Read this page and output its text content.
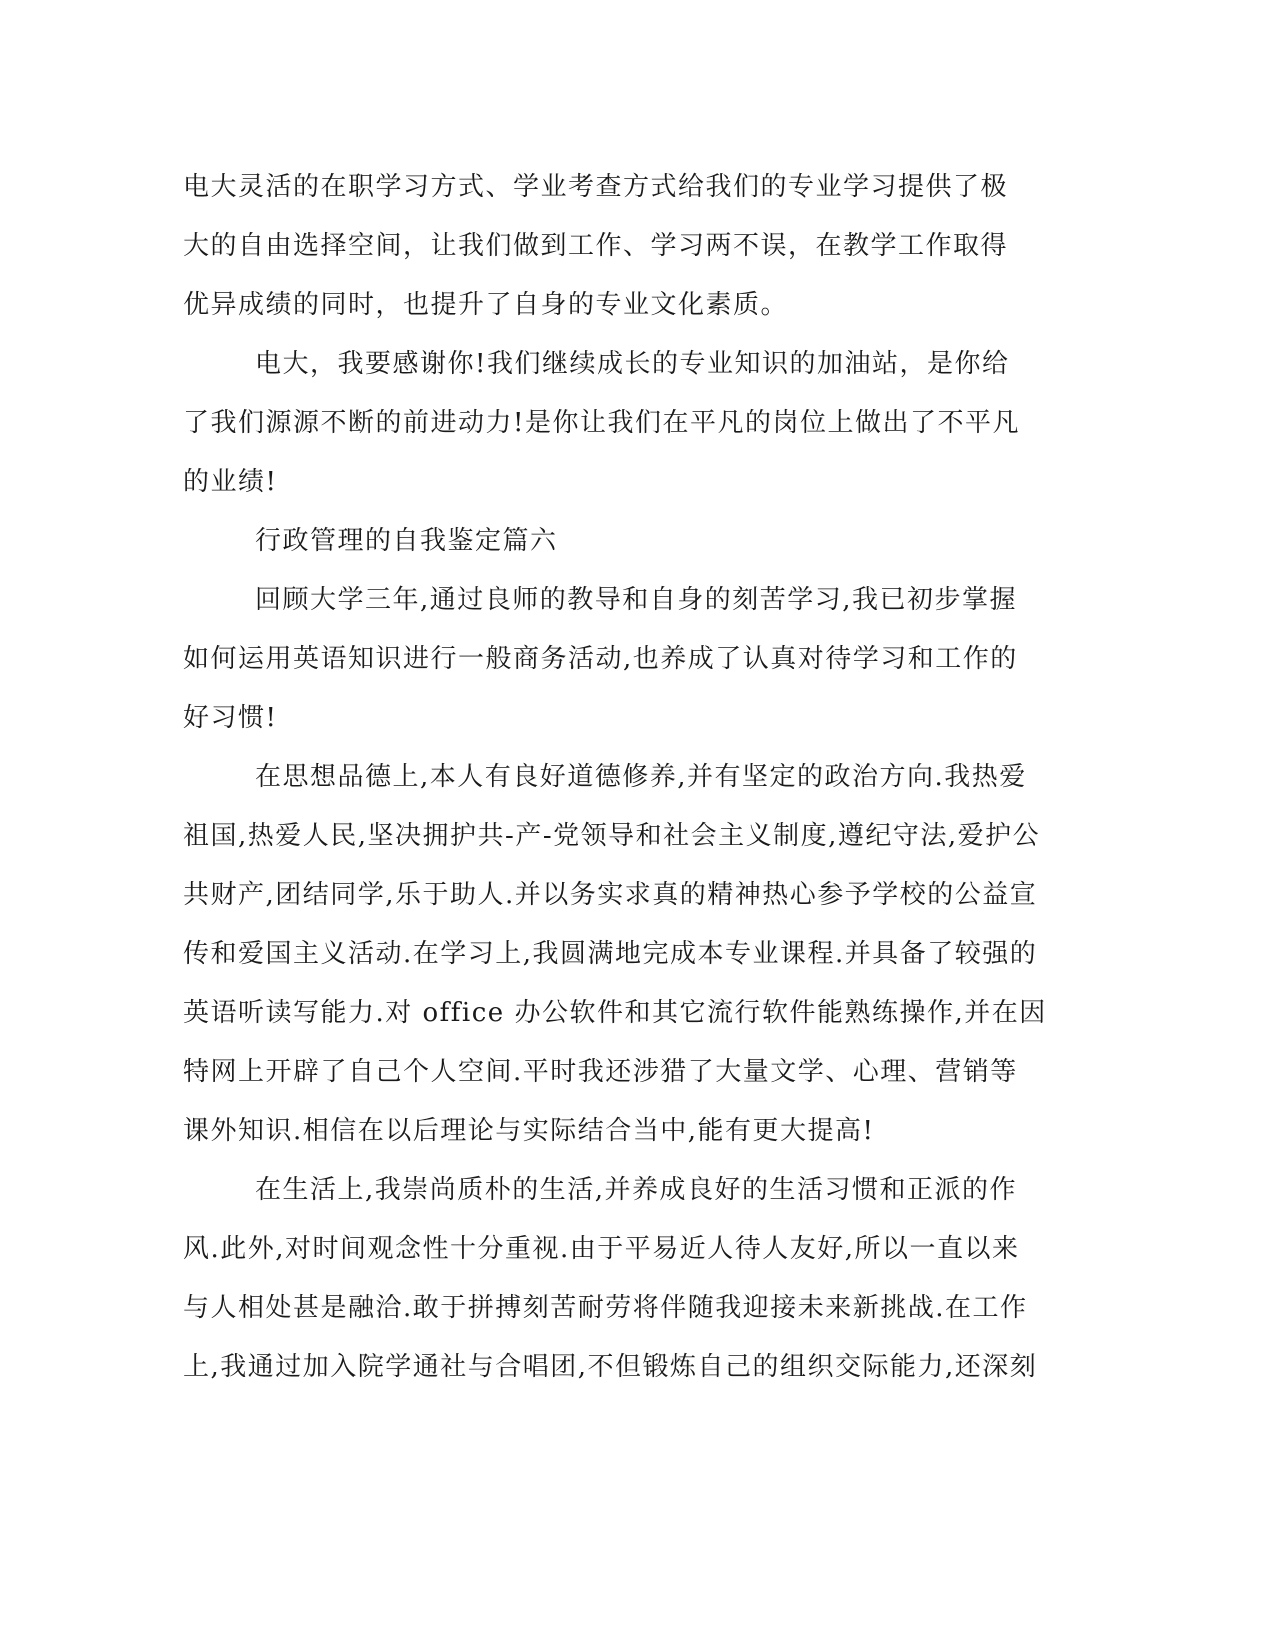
电大灵活的在职学习方式、学业考查方式给我们的专业学习提供了极
大的自由选择空间，让我们做到工作、学习两不误，在教学工作取得
优异成绩的同时，也提升了自身的专业文化素质。
电大，我要感谢你!我们继续成长的专业知识的加油站，是你给
了我们源源不断的前进动力!是你让我们在平凡的岗位上做出了不平凡
的业绩!
行政管理的自我鉴定篇六
回顾大学三年,通过良师的教导和自身的刻苦学习,我已初步掌握
如何运用英语知识进行一般商务活动,也养成了认真对待学习和工作的
好习惯!
在思想品德上,本人有良好道德修养,并有坚定的政治方向.我热爱
祖国,热爱人民,坚决拥护共-产-党领导和社会主义制度,遵纪守法,爱护公
共财产,团结同学,乐于助人.并以务实求真的精神热心参予学校的公益宣
传和爱国主义活动.在学习上,我圆满地完成本专业课程.并具备了较强的
英语听读写能力.对 office 办公软件和其它流行软件能熟练操作,并在因
特网上开辟了自己个人空间.平时我还涉猎了大量文学、心理、营销等
课外知识.相信在以后理论与实际结合当中,能有更大提高!
在生活上,我崇尚质朴的生活,并养成良好的生活习惯和正派的作
风.此外,对时间观念性十分重视.由于平易近人待人友好,所以一直以来
与人相处甚是融洽.敢于拼搏刻苦耐劳将伴随我迎接未来新挑战.在工作
上,我通过加入院学通社与合唱团,不但锻炼自己的组织交际能力,还深刻
